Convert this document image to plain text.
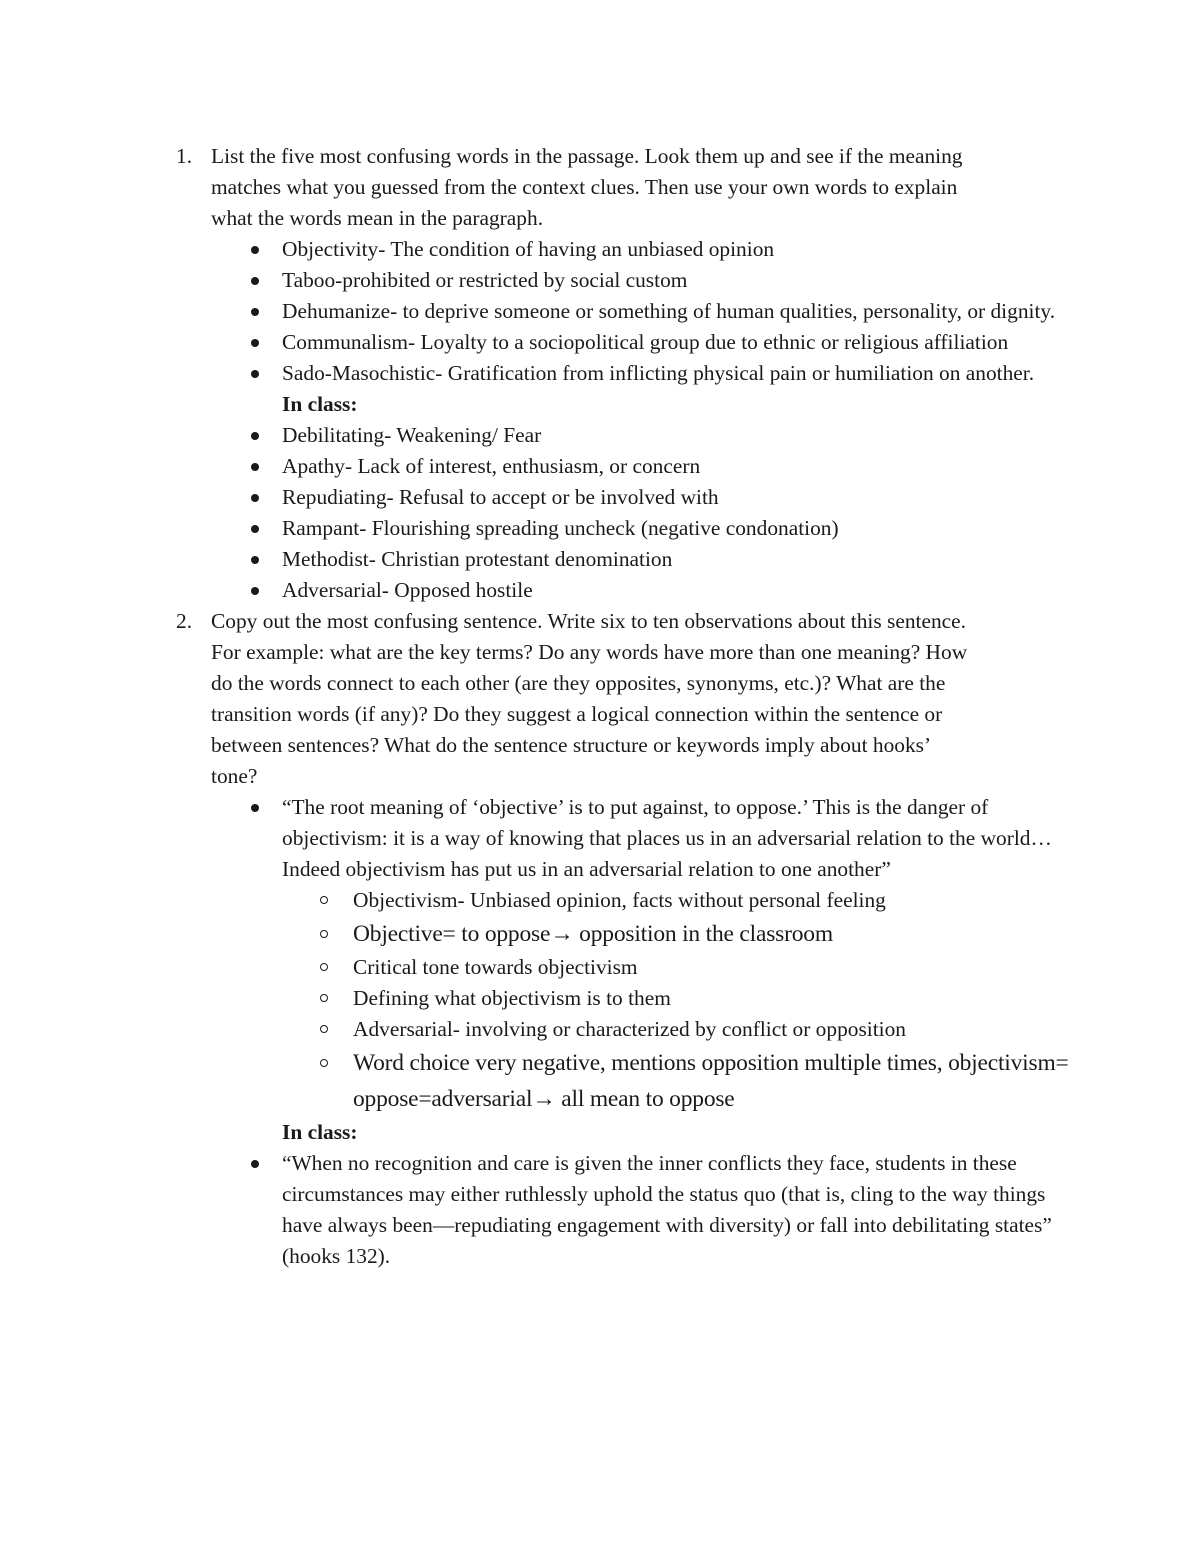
1. List the five most confusing words in the passage. Look them up and see if the meaning
matches what you guessed from the context clues. Then use your own words to explain
what the words mean in the paragraph.
Objectivity- The condition of having an unbiased opinion
Taboo-prohibited or restricted by social custom
Dehumanize- to deprive someone or something of human qualities, personality, or dignity.
Communalism- Loyalty to a sociopolitical group due to ethnic or religious affiliation
Sado-Masochistic- Gratification from inflicting physical pain or humiliation on another.
In class:
Debilitating- Weakening/ Fear
Apathy- Lack of interest, enthusiasm, or concern
Repudiating- Refusal to accept or be involved with
Rampant- Flourishing spreading uncheck (negative condonation)
Methodist- Christian protestant denomination
Adversarial- Opposed hostile
2. Copy out the most confusing sentence. Write six to ten observations about this sentence.
For example: what are the key terms? Do any words have more than one meaning? How
do the words connect to each other (are they opposites, synonyms, etc.)? What are the
transition words (if any)? Do they suggest a logical connection within the sentence or
between sentences? What do the sentence structure or keywords imply about hooks’
tone?
“The root meaning of ‘objective’ is to put against, to oppose.’ This is the danger of objectivism: it is a way of knowing that places us in an adversarial relation to the world… Indeed objectivism has put us in an adversarial relation to one another”
Objectivism- Unbiased opinion, facts without personal feeling
Objective= to oppose→ opposition in the classroom
Critical tone towards objectivism
Defining what objectivism is to them
Adversarial- involving or characterized by conflict or opposition
Word choice very negative, mentions opposition multiple times, objectivism= oppose=adversarial→ all mean to oppose
In class:
“When no recognition and care is given the inner conflicts they face, students in these circumstances may either ruthlessly uphold the status quo (that is, cling to the way things have always been—repudiating engagement with diversity) or fall into debilitating states” (hooks 132).
